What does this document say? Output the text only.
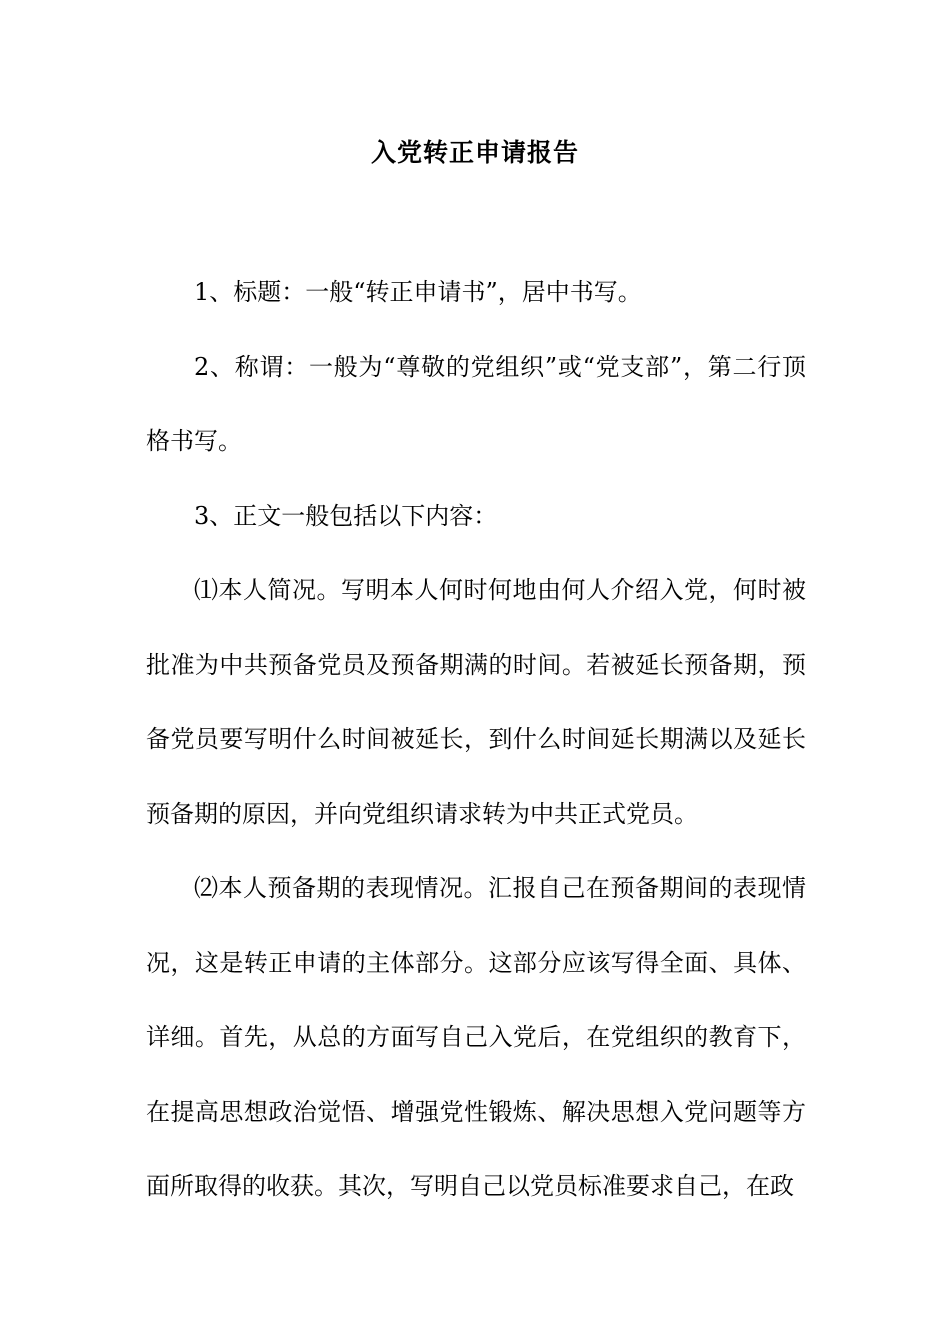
入党转正申请报告

1、标题：一般“转正申请书”，居中书写。

2、称谓：一般为“尊敬的党组织”或“党支部”，第二行顶格书写。

3、正文一般包括以下内容：

⑴本人简况。写明本人何时何地由何人介绍入党，何时被批准为中共预备党员及预备期满的时间。若被延长预备期，预备党员要写明什么时间被延长，到什么时间延长期满以及延长预备期的原因，并向党组织请求转为中共正式党员。

⑵本人预备期的表现情况。汇报自己在预备期间的表现情况，这是转正申请的主体部分。这部分应该写得全面、具体、详细。首先，从总的方面写自己入党后，在党组织的教育下，在提高思想政治觉悟、增强党性锻炼、解决思想入党问题等方面所取得的收获。其次，写明自己以党员标准要求自己，在政
